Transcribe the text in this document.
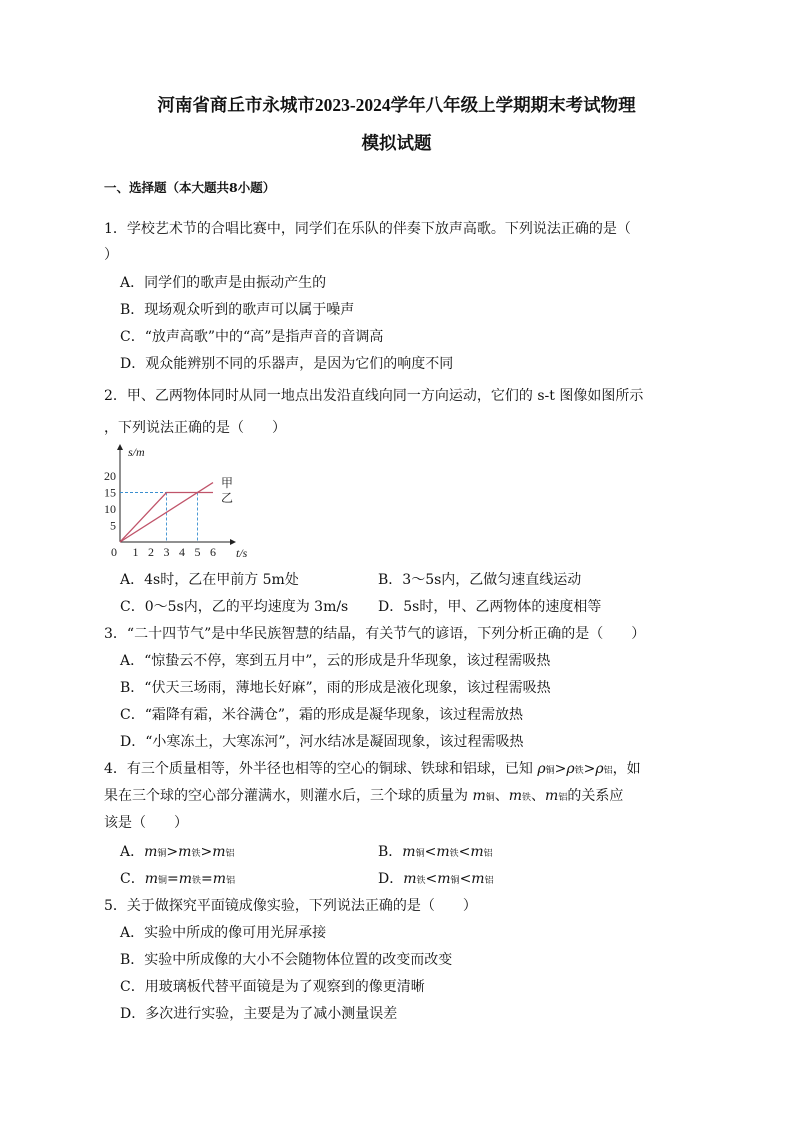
河南省商丘市永城市2023-2024学年八年级上学期期末考试物理
模拟试题
一、选择题（本大题共8小题）
1．学校艺术节的合唱比赛中，同学们在乐队的伴奏下放声高歌。下列说法正确的是（
）
A．同学们的歌声是由振动产生的
B．现场观众听到的歌声可以属于噪声
C．“放声高歌”中的“高”是指声音的音调高
D．观众能辨别不同的乐器声，是因为它们的响度不同
2．甲、乙两物体同时从同一地点出发沿直线向同一方向运动，它们的 s-t 图像如图所示
，下列说法正确的是（　　）
5
10
15
20
0 1 2 3 4 5 6
s/m
t/s
甲
乙
A．4s时，乙在甲前方 5m处	B．3～5s内，乙做匀速直线运动
C．0～5s内，乙的平均速度为 3m/s D．5s时，甲、乙两物体的速度相等
3．“二十四节气”是中华民族智慧的结晶，有关节气的谚语，下列分析正确的是（　　）
A．“惊蛰云不停，寒到五月中”，云的形成是升华现象，该过程需吸热
B．“伏天三场雨，薄地长好麻”，雨的形成是液化现象，该过程需吸热
C．“霜降有霜，米谷满仓”，霜的形成是凝华现象，该过程需放热
D．“小寒冻土，大寒冻河”，河水结冰是凝固现象，该过程需吸热
4．有三个质量相等，外半径也相等的空心的铜球、铁球和铝球，已知 ρ铜>ρ铁>ρ铝，如
果在三个球的空心部分灌满水，则灌水后，三个球的质量为 m铜、m铁、m铝的关系应
该是（　　）
A．m铜>m铁>m铝	B．m铜<m铁<m铝
C．m铜=m铁=m铝	D．m铁<m铜<m铝
5．关于做探究平面镜成像实验，下列说法正确的是（　　）
A．实验中所成的像可用光屏承接
B．实验中所成像的大小不会随物体位置的改变而改变
C．用玻璃板代替平面镜是为了观察到的像更清晰
D．多次进行实验，主要是为了减小测量误差
